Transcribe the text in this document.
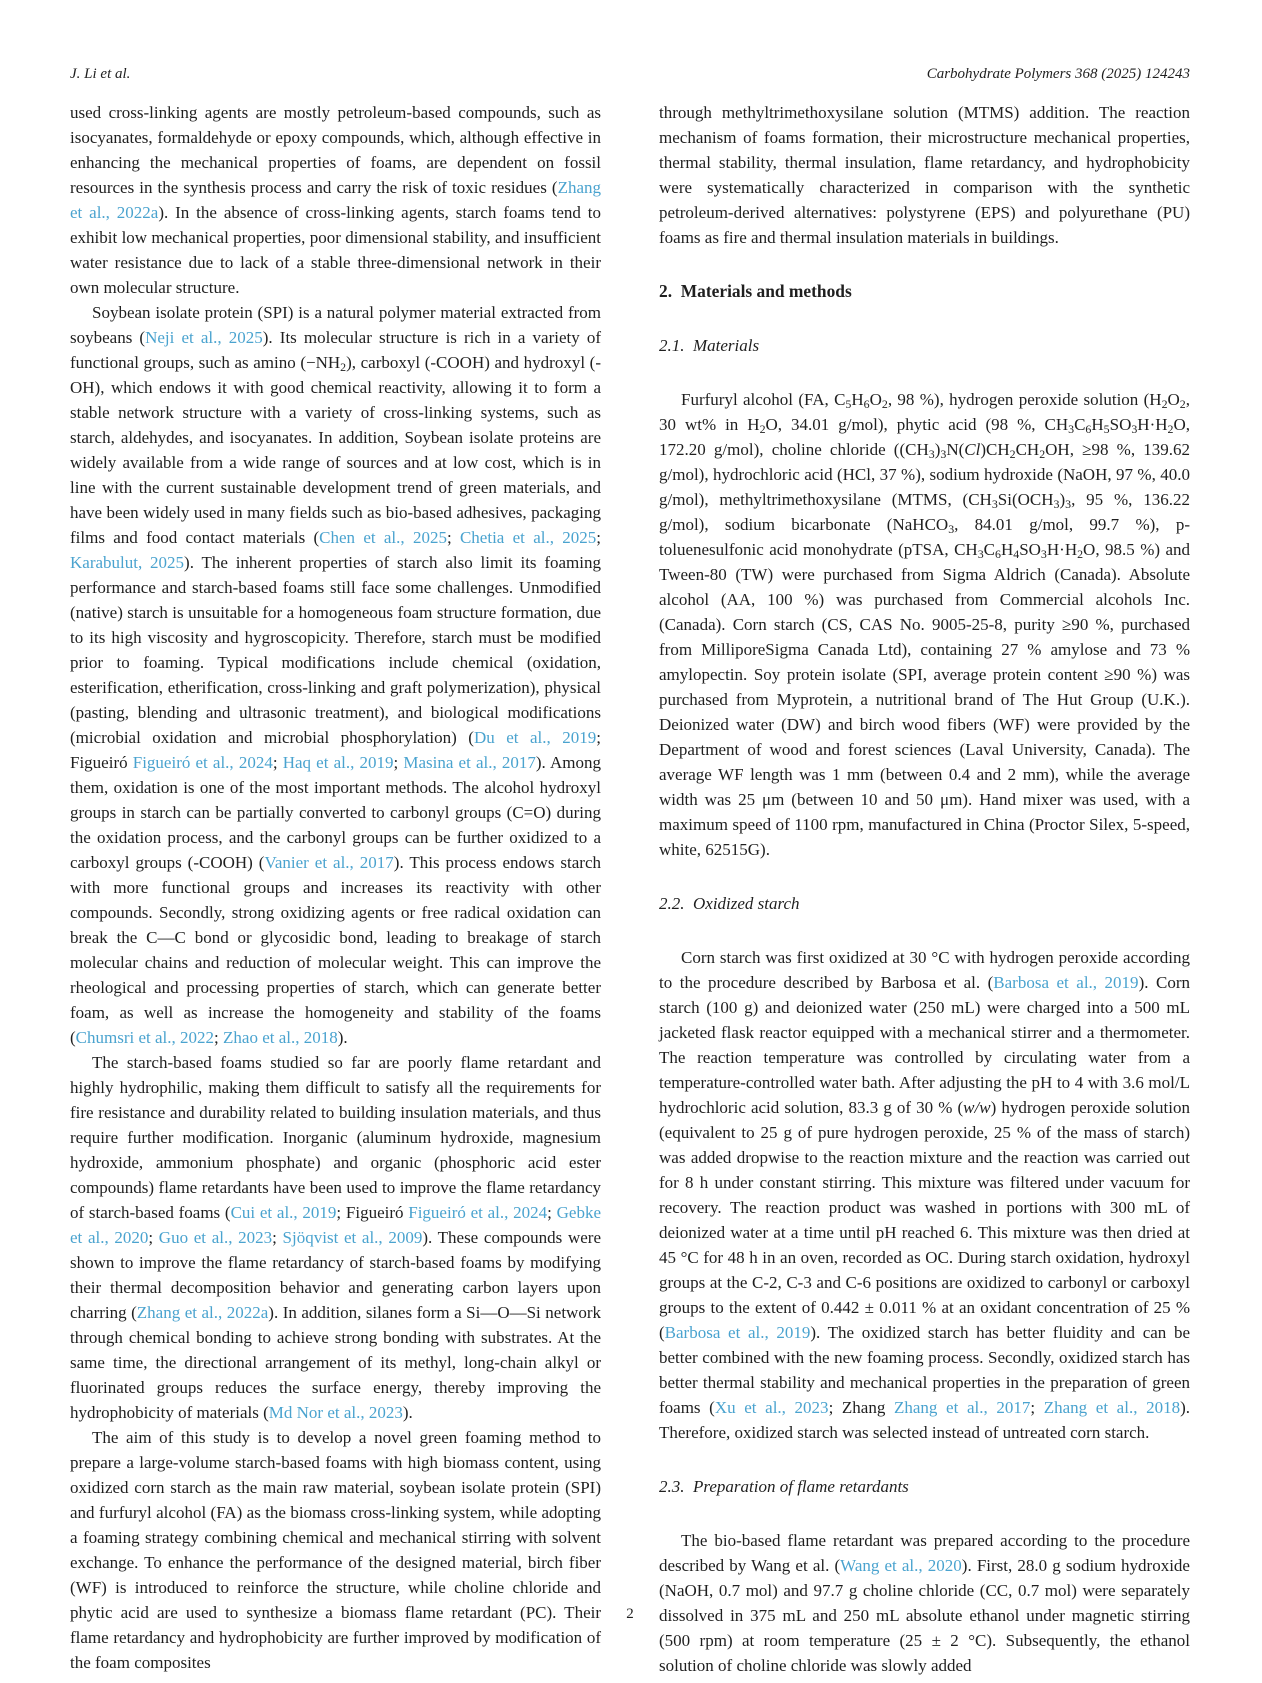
J. Li et al.	Carbohydrate Polymers 368 (2025) 124243

used cross-linking agents are mostly petroleum-based compounds, such as isocyanates, formaldehyde or epoxy compounds, which, although effective in enhancing the mechanical properties of foams, are dependent on fossil resources in the synthesis process and carry the risk of toxic residues (Zhang et al., 2022a). In the absence of cross-linking agents, starch foams tend to exhibit low mechanical properties, poor dimensional stability, and insufficient water resistance due to lack of a stable three-dimensional network in their own molecular structure.

Soybean isolate protein (SPI) is a natural polymer material extracted from soybeans (Neji et al., 2025). Its molecular structure is rich in a variety of functional groups, such as amino $(-NH_2)$, carboxyl (-COOH) and hydroxyl (-OH), which endows it with good chemical reactivity, allowing it to form a stable network structure with a variety of cross-linking systems, such as starch, aldehydes, and isocyanates. In addition, Soybean isolate proteins are widely available from a wide range of sources and at low cost, which is in line with the current sustainable development trend of green materials, and have been widely used in many fields such as bio-based adhesives, packaging films and food contact materials (Chen et al., 2025; Chetia et al., 2025; Karabulut, 2025). The inherent properties of starch also limit its foaming performance and starch-based foams still face some challenges. Unmodified (native) starch is unsuitable for a homogeneous foam structure formation, due to its high viscosity and hygroscopicity. Therefore, starch must be modified prior to foaming. Typical modifications include chemical (oxidation, esterification, etherification, cross-linking and graft polymerization), physical (pasting, blending and ultrasonic treatment), and biological modifications (microbial oxidation and microbial phosphorylation) (Du et al., 2019; Figueiró Figueiró et al., 2024; Haq et al., 2019; Masina et al., 2017). Among them, oxidation is one of the most important methods. The alcohol hydroxyl groups in starch can be partially converted to carbonyl groups (C=O) during the oxidation process, and the carbonyl groups can be further oxidized to a carboxyl groups (-COOH) (Vanier et al., 2017). This process endows starch with more functional groups and increases its reactivity with other compounds. Secondly, strong oxidizing agents or free radical oxidation can break the C—C bond or glycosidic bond, leading to breakage of starch molecular chains and reduction of molecular weight. This can improve the rheological and processing properties of starch, which can generate better foam, as well as increase the homogeneity and stability of the foams (Chumsri et al., 2022; Zhao et al., 2018).

The starch-based foams studied so far are poorly flame retardant and highly hydrophilic, making them difficult to satisfy all the requirements for fire resistance and durability related to building insulation materials, and thus require further modification. Inorganic (aluminum hydroxide, magnesium hydroxide, ammonium phosphate) and organic (phosphoric acid ester compounds) flame retardants have been used to improve the flame retardancy of starch-based foams (Cui et al., 2019; Figueiró Figueiró et al., 2024; Gebke et al., 2020; Guo et al., 2023; Sjöqvist et al., 2009). These compounds were shown to improve the flame retardancy of starch-based foams by modifying their thermal decomposition behavior and generating carbon layers upon charring (Zhang et al., 2022a). In addition, silanes form a Si—O—Si network through chemical bonding to achieve strong bonding with substrates. At the same time, the directional arrangement of its methyl, long-chain alkyl or fluorinated groups reduces the surface energy, thereby improving the hydrophobicity of materials (Md Nor et al., 2023).

The aim of this study is to develop a novel green foaming method to prepare a large-volume starch-based foams with high biomass content, using oxidized corn starch as the main raw material, soybean isolate protein (SPI) and furfuryl alcohol (FA) as the biomass cross-linking system, while adopting a foaming strategy combining chemical and mechanical stirring with solvent exchange. To enhance the performance of the designed material, birch fiber (WF) is introduced to reinforce the structure, while choline chloride and phytic acid are used to synthesize a biomass flame retardant (PC). Their flame retardancy and hydrophobicity are further improved by modification of the foam composites

through methyltrimethoxysilane solution (MTMS) addition. The reaction mechanism of foams formation, their microstructure mechanical properties, thermal stability, thermal insulation, flame retardancy, and hydrophobicity were systematically characterized in comparison with the synthetic petroleum-derived alternatives: polystyrene (EPS) and polyurethane (PU) foams as fire and thermal insulation materials in buildings.

2. Materials and methods
2.1. Materials

Furfuryl alcohol (FA, $C_5H_6O_2$, 98 %), hydrogen peroxide solution ($H_2O_2$, 30 wt% in $H_2O$, 34.01 g/mol), phytic acid (98 %, $CH_3C_6H_5SO_3H\cdot H_2O$, 172.20 g/mol), choline chloride ($(CH_3)_3N(Cl)CH_2CH_2OH$, ≥98 %, 139.62 g/mol), hydrochloric acid (HCl, 37 %), sodium hydroxide (NaOH, 97 %, 40.0 g/mol), methyltrimethoxysilane (MTMS, ($CH_3Si(OCH_3)_3$, 95 %, 136.22 g/mol), sodium bicarbonate (NaHCO$_3$, 84.01 g/mol, 99.7 %), p-toluenesulfonic acid monohydrate (pTSA, $CH_3C_6H_4SO_3H\cdot H_2O$, 98.5 %) and Tween-80 (TW) were purchased from Sigma Aldrich (Canada). Absolute alcohol (AA, 100 %) was purchased from Commercial alcohols Inc. (Canada). Corn starch (CS, CAS No. 9005-25-8, purity ≥90 %, purchased from MilliporeSigma Canada Ltd), containing 27 % amylose and 73 % amylopectin. Soy protein isolate (SPI, average protein content ≥90 %) was purchased from Myprotein, a nutritional brand of The Hut Group (U.K.). Deionized water (DW) and birch wood fibers (WF) were provided by the Department of wood and forest sciences (Laval University, Canada). The average WF length was 1 mm (between 0.4 and 2 mm), while the average width was 25 μm (between 10 and 50 μm). Hand mixer was used, with a maximum speed of 1100 rpm, manufactured in China (Proctor Silex, 5-speed, white, 62515G).

2.2. Oxidized starch

Corn starch was first oxidized at 30 °C with hydrogen peroxide according to the procedure described by Barbosa et al. (Barbosa et al., 2019). Corn starch (100 g) and deionized water (250 mL) were charged into a 500 mL jacketed flask reactor equipped with a mechanical stirrer and a thermometer. The reaction temperature was controlled by circulating water from a temperature-controlled water bath. After adjusting the pH to 4 with 3.6 mol/L hydrochloric acid solution, 83.3 g of 30 % (w/w) hydrogen peroxide solution (equivalent to 25 g of pure hydrogen peroxide, 25 % of the mass of starch) was added dropwise to the reaction mixture and the reaction was carried out for 8 h under constant stirring. This mixture was filtered under vacuum for recovery. The reaction product was washed in portions with 300 mL of deionized water at a time until pH reached 6. This mixture was then dried at 45 °C for 48 h in an oven, recorded as OC. During starch oxidation, hydroxyl groups at the C-2, C-3 and C-6 positions are oxidized to carbonyl or carboxyl groups to the extent of 0.442 ± 0.011 % at an oxidant concentration of 25 % (Barbosa et al., 2019). The oxidized starch has better fluidity and can be better combined with the new foaming process. Secondly, oxidized starch has better thermal stability and mechanical properties in the preparation of green foams (Xu et al., 2023; Zhang Zhang et al., 2017; Zhang et al., 2018). Therefore, oxidized starch was selected instead of untreated corn starch.

2.3. Preparation of flame retardants

The bio-based flame retardant was prepared according to the procedure described by Wang et al. (Wang et al., 2020). First, 28.0 g sodium hydroxide (NaOH, 0.7 mol) and 97.7 g choline chloride (CC, 0.7 mol) were separately dissolved in 375 mL and 250 mL absolute ethanol under magnetic stirring (500 rpm) at room temperature (25 ± 2 °C). Subsequently, the ethanol solution of choline chloride was slowly added

2
